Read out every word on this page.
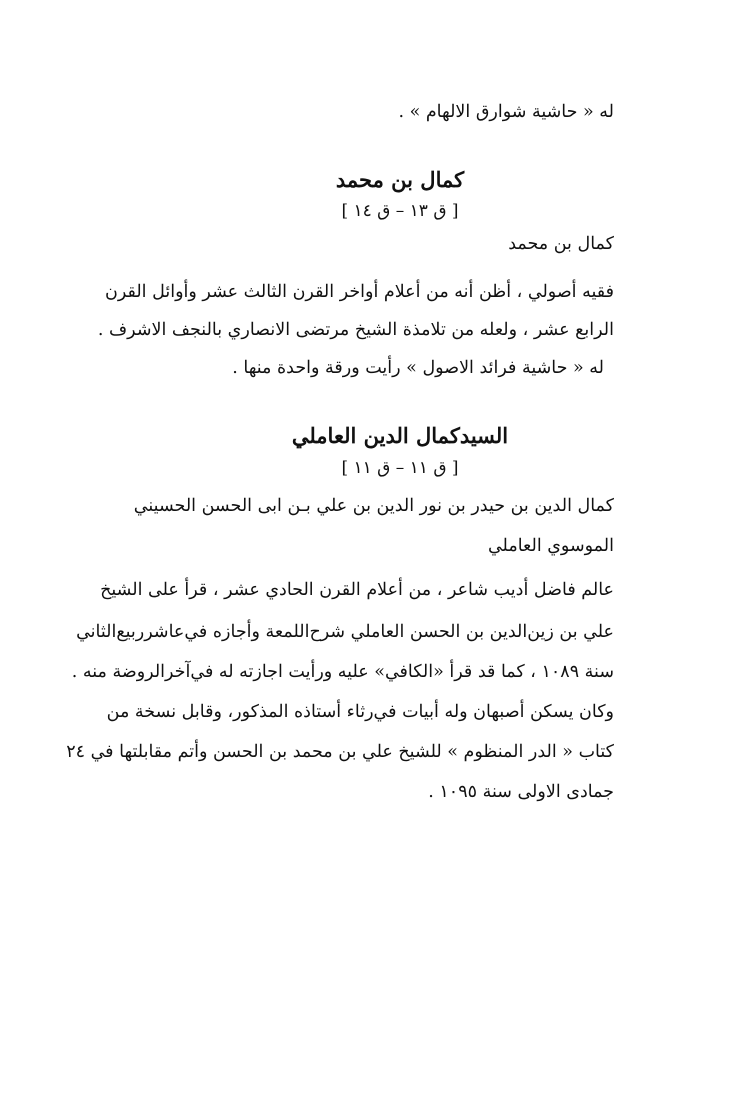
له « حاشية شوارق الالهام » .
كمال بن محمد
[ ق ١٣ – ق ١٤ ]
كمال بن محمد
فقيه أصولي ، أظن أنه من أعلام أواخر القرن الثالث عشر وأوائل القرن
الرابع عشر ، ولعله من تلامذة الشيخ مرتضى الانصاري بالنجف الاشرف .
له « حاشية فرائد الاصول » رأيت ورقة واحدة منها .
السيدكمال الدين العاملي
[ ق ١١ – ق ١١ ]
كمال الدين بن حيدر بن نور الدين بن علي بـن ابى الحسن الحسيني
الموسوي العاملي
عالم فاضل أديب شاعر ، من أعلام القرن الحادي عشر ، قرأ على الشيخ
علي بن زين‌الدين بن الحسن العاملي شرح‌اللمعة وأجازه في‌عاشرربيع‌الثاني
سنة ١٠٨٩ ، كما قد قرأ «الكافي» عليه ورأيت اجازته له في‌آخرالروضة منه .
وكان يسكن أصبهان وله أبيات في‌رثاء أستاذه المذكور، وقابل نسخة من
كتاب « الدر المنظوم » للشيخ علي بن محمد بن الحسن وأتم مقابلتها في ٢٤
جمادى الاولى سنة ١٠٩٥ .
